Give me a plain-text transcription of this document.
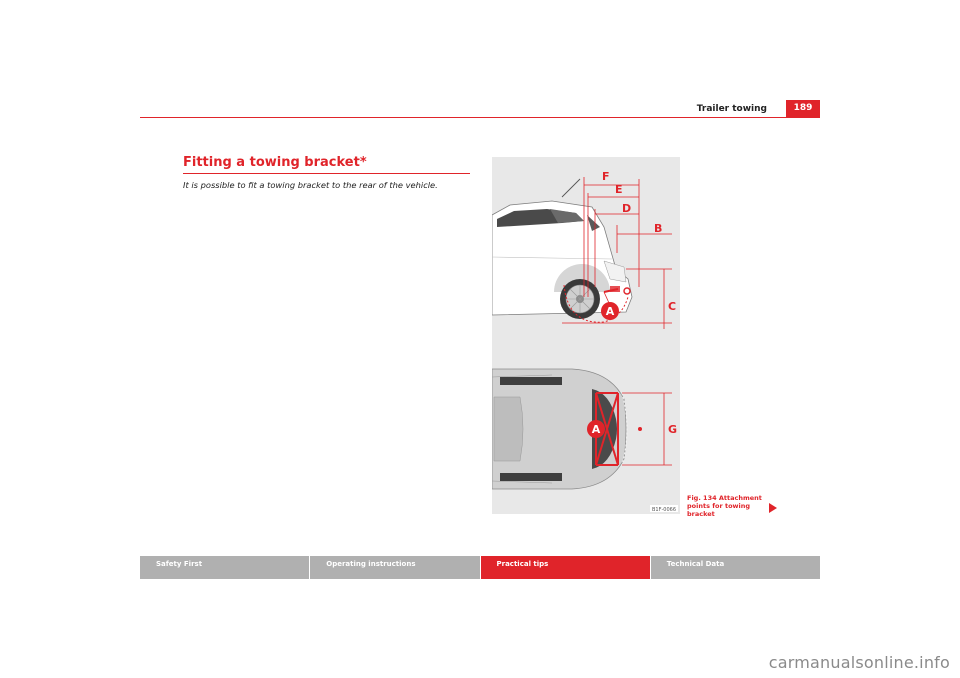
Trailer towing	189
Fitting a towing bracket*
It is possible to fit a towing bracket to the rear of the vehicle.
F
E
D
B
C
A
G
A
B1F-0066
Fig. 134 Attachment
points for towing bracket
Safety First	Operating instructions	Practical tips	Technical Data
carmanualsonline.info
